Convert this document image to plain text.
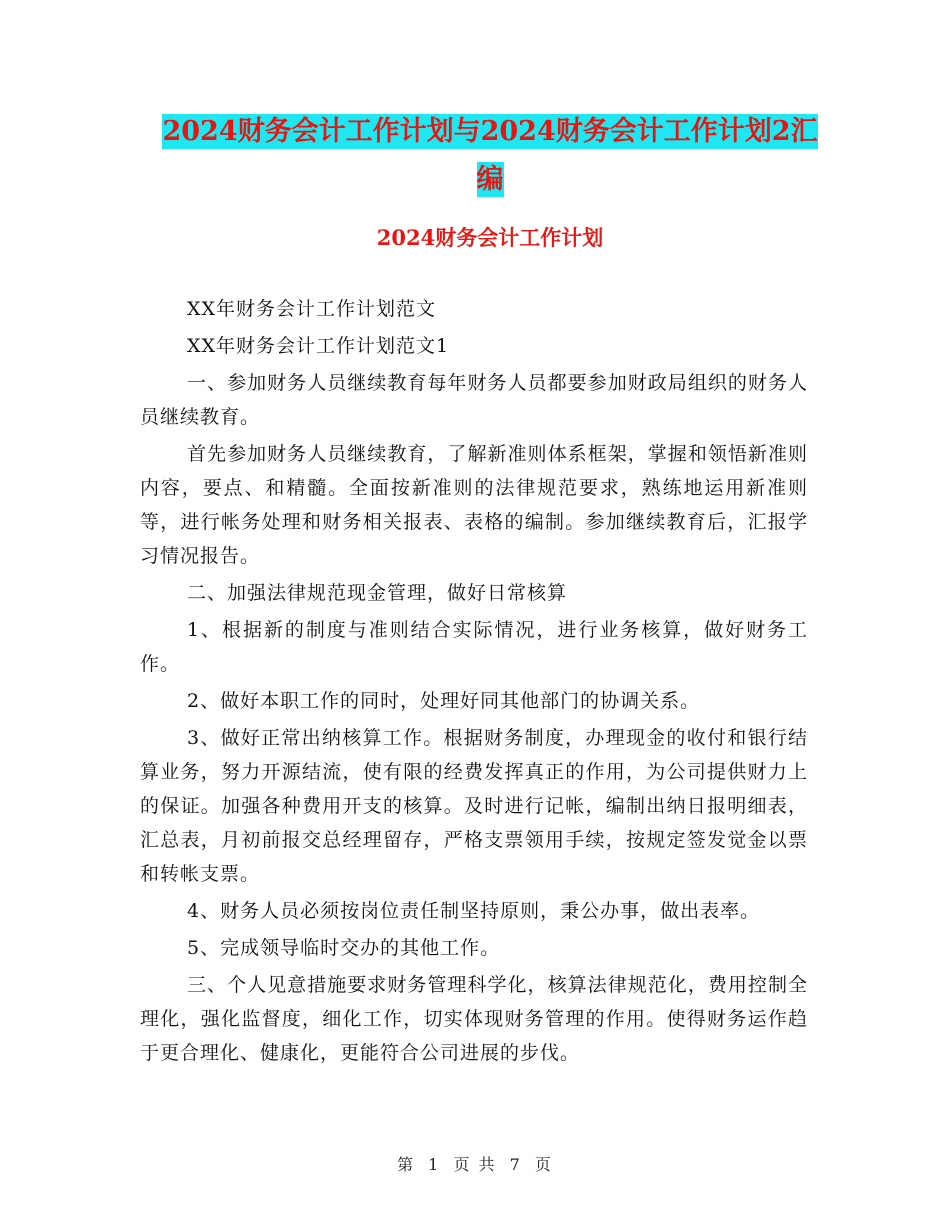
2024财务会计工作计划与2024财务会计工作计划2汇
编
2024财务会计工作计划

XX年财务会计工作计划范文

XX年财务会计工作计划范文1

一、参加财务人员继续教育每年财务人员都要参加财政局组织的财务人员继续教育。

首先参加财务人员继续教育，了解新准则体系框架，掌握和领悟新准则内容，要点、和精髓。全面按新准则的法律规范要求，熟练地运用新准则等，进行帐务处理和财务相关报表、表格的编制。参加继续教育后，汇报学习情况报告。

二、加强法律规范现金管理，做好日常核算

1、根据新的制度与准则结合实际情况，进行业务核算，做好财务工作。

2、做好本职工作的同时，处理好同其他部门的协调关系。

3、做好正常出纳核算工作。根据财务制度，办理现金的收付和银行结算业务，努力开源结流，使有限的经费发挥真正的作用，为公司提供财力上的保证。加强各种费用开支的核算。及时进行记帐，编制出纳日报明细表，汇总表，月初前报交总经理留存，严格支票领用手续，按规定签发觉金以票和转帐支票。

4、财务人员必须按岗位责任制坚持原则，秉公办事，做出表率。

5、完成领导临时交办的其他工作。

三、个人见意措施要求财务管理科学化，核算法律规范化，费用控制全理化，强化监督度，细化工作，切实体现财务管理的作用。使得财务运作趋于更合理化、健康化，更能符合公司进展的步伐。

第 1 页 共 7 页
